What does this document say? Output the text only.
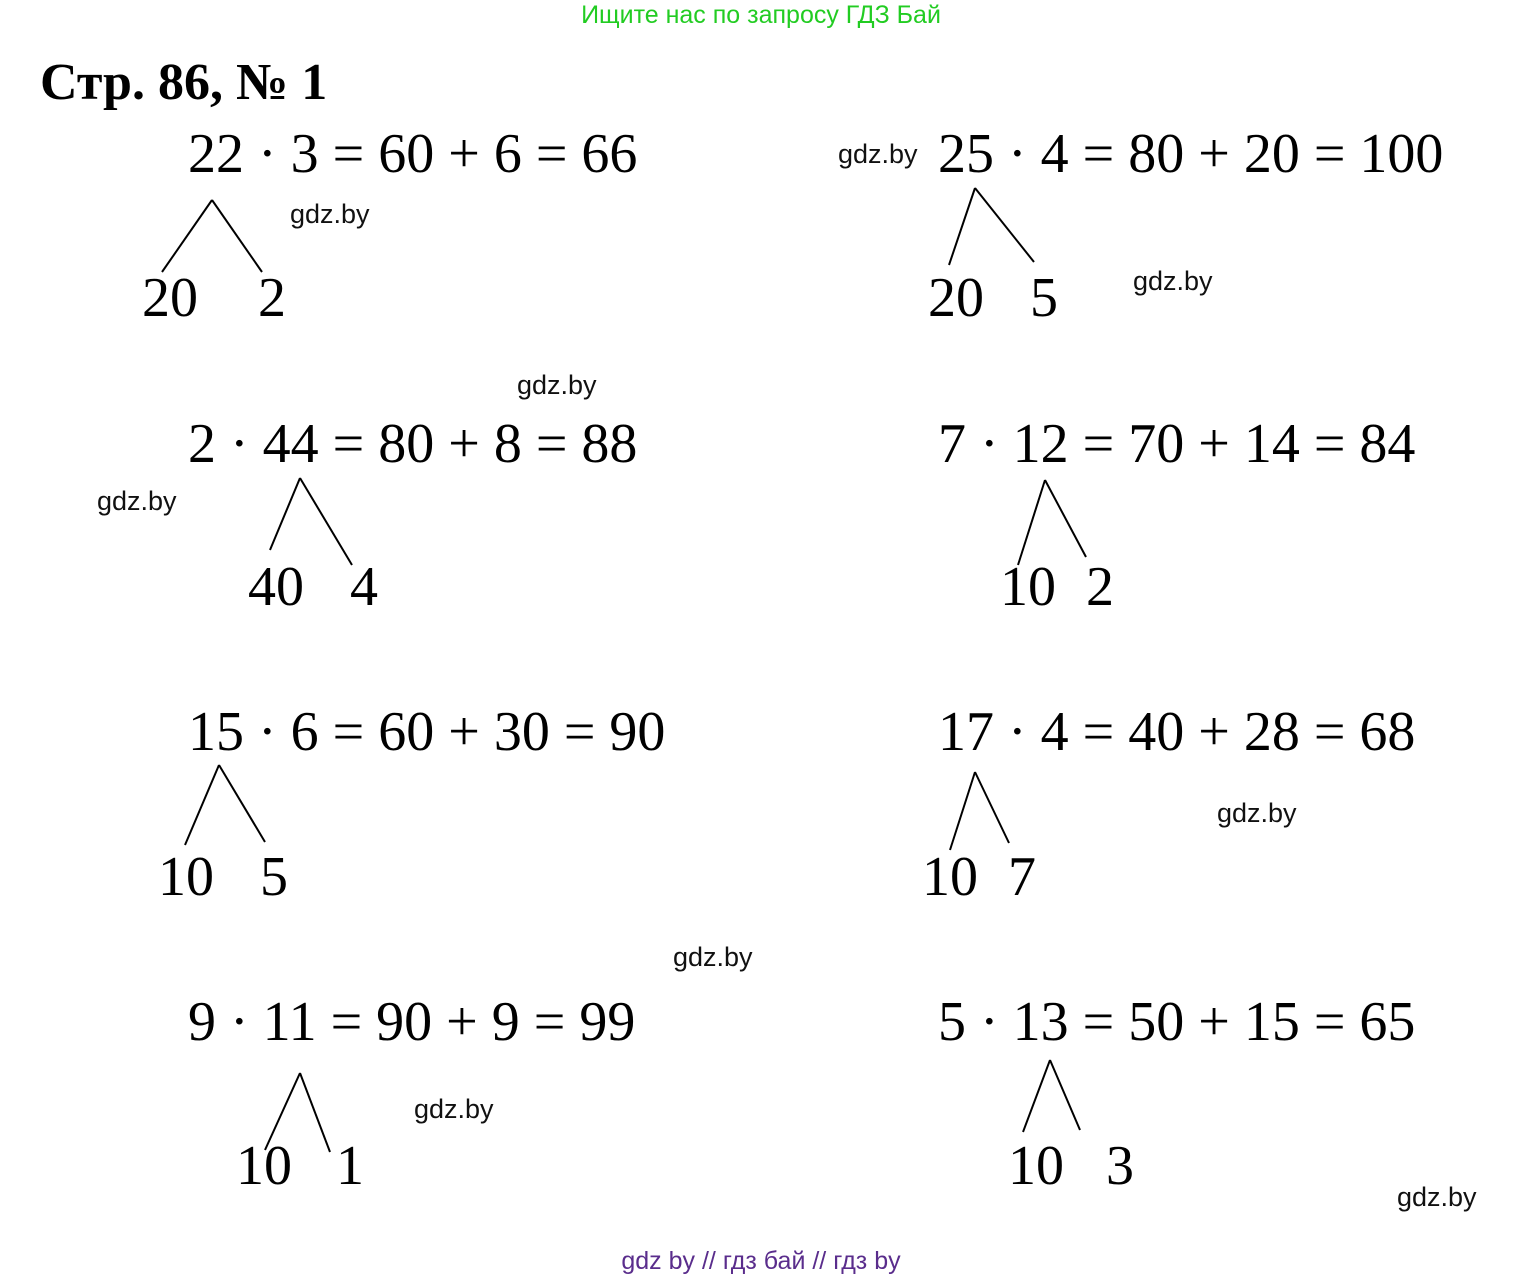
Ищите нас по запросу ГДЗ Бай
Стр. 86, № 1
22 · 3 = 60 + 6 = 66
20 2
25 · 4 = 80 + 20 = 100
20 5
2 · 44 = 80 + 8 = 88
40 4
7 · 12 = 70 + 14 = 84
10 2
15 · 6 = 60 + 30 = 90
10 5
17 · 4 = 40 + 28 = 68
10 7
9 · 11 = 90 + 9 = 99
10 1
5 · 13 = 50 + 15 = 65
10 3
gdz.by
gdz.by
gdz.by
gdz.by
gdz.by
gdz.by
gdz.by
gdz.by
gdz.by
gdz by // гдз бай // гдз by
